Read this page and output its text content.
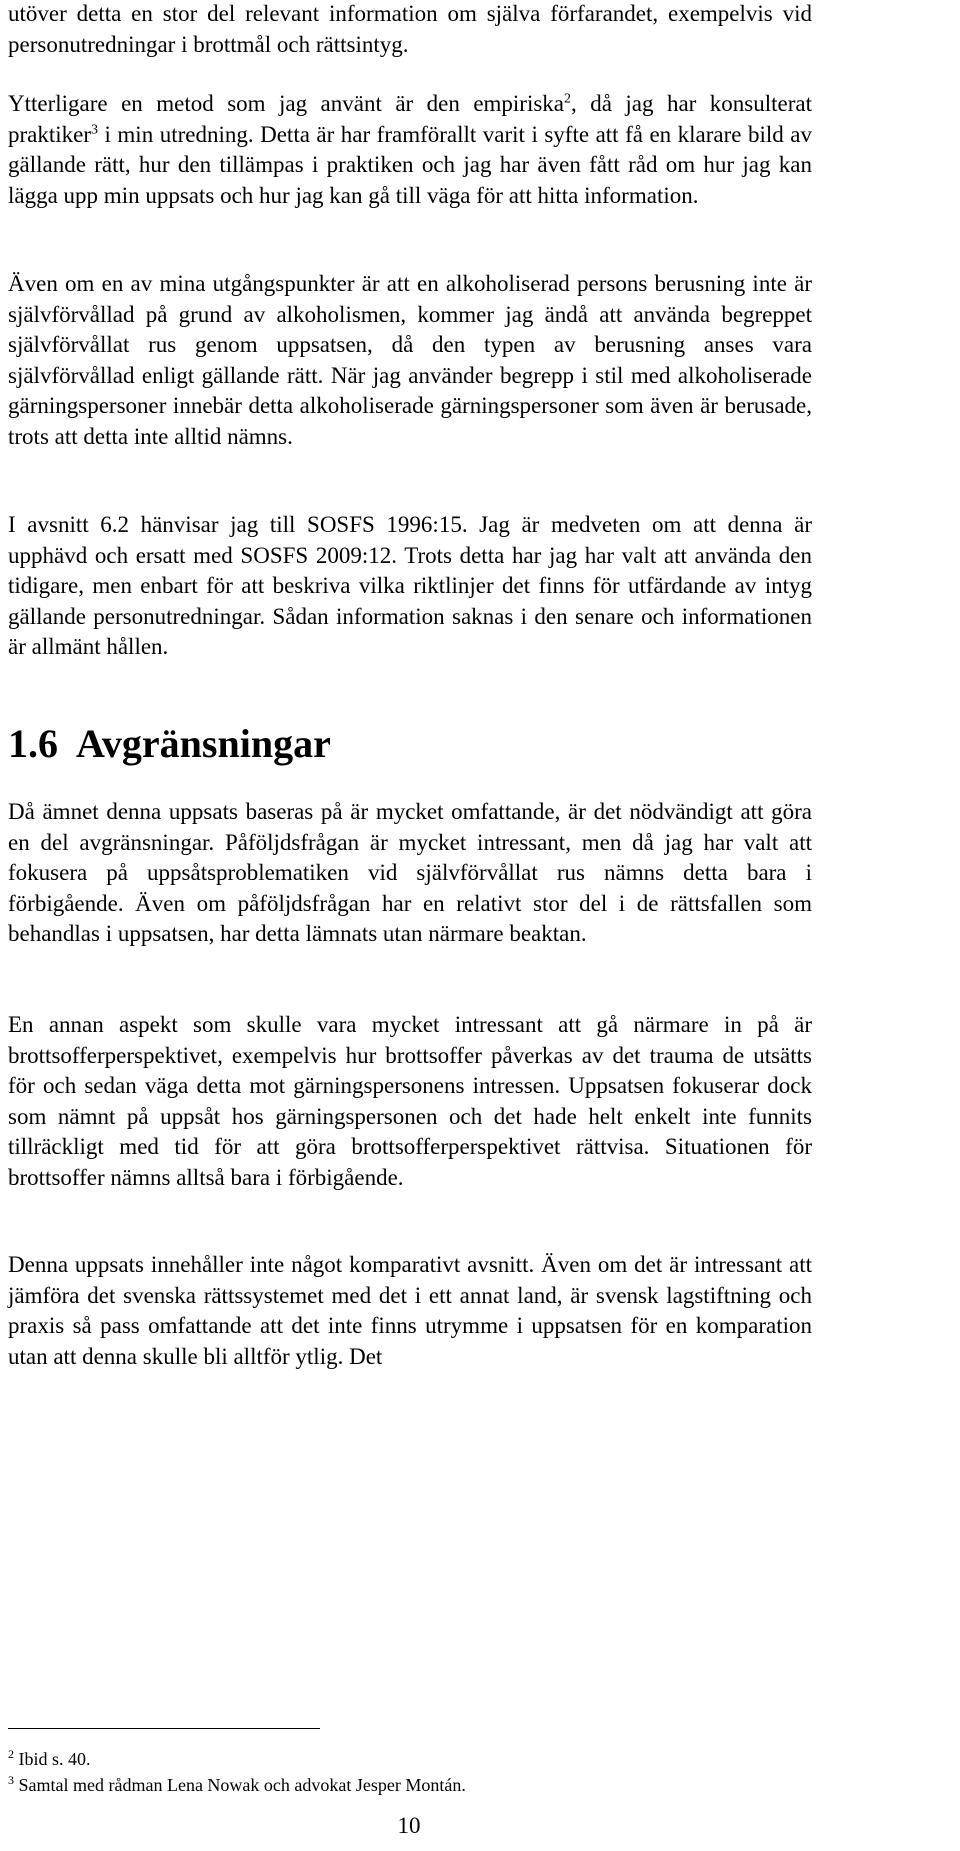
utöver detta en stor del relevant information om själva förfarandet, exempelvis vid personutredningar i brottmål och rättsintyg.

Ytterligare en metod som jag använt är den empiriska$^2$, då jag har konsulterat praktiker$^3$ i min utredning. Detta är har framförallt varit i syfte att få en klarare bild av gällande rätt, hur den tillämpas i praktiken och jag har även fått råd om hur jag kan lägga upp min uppsats och hur jag kan gå till väga för att hitta information.

Även om en av mina utgångspunkter är att en alkoholiserad persons berusning inte är självförvållad på grund av alkoholismen, kommer jag ändå att använda begreppet självförvållat rus genom uppsatsen, då den typen av berusning anses vara självförvållad enligt gällande rätt. När jag använder begrepp i stil med alkoholiserade gärningspersoner innebär detta alkoholiserade gärningspersoner som även är berusade, trots att detta inte alltid nämns.

I avsnitt 6.2 hänvisar jag till SOSFS 1996:15. Jag är medveten om att denna är upphävd och ersatt med SOSFS 2009:12. Trots detta har jag har valt att använda den tidigare, men enbart för att beskriva vilka riktlinjer det finns för utfärdande av intyg gällande personutredningar. Sådan information saknas i den senare och informationen är allmänt hållen.

1.6 Avgränsningar

Då ämnet denna uppsats baseras på är mycket omfattande, är det nödvändigt att göra en del avgränsningar. Påföljdsfrågan är mycket intressant, men då jag har valt att fokusera på uppsåtsproblematiken vid självförvållat rus nämns detta bara i förbigående. Även om påföljdsfrågan har en relativt stor del i de rättsfallen som behandlas i uppsatsen, har detta lämnats utan närmare beaktan.

En annan aspekt som skulle vara mycket intressant att gå närmare in på är brottsofferperspektivet, exempelvis hur brottsoffer påverkas av det trauma de utsätts för och sedan väga detta mot gärningspersonens intressen. Uppsatsen fokuserar dock som nämnt på uppsåt hos gärningspersonen och det hade helt enkelt inte funnits tillräckligt med tid för att göra brottsofferperspektivet rättvisa. Situationen för brottsoffer nämns alltså bara i förbigående.

Denna uppsats innehåller inte något komparativt avsnitt. Även om det är intressant att jämföra det svenska rättssystemet med det i ett annat land, är svensk lagstiftning och praxis så pass omfattande att det inte finns utrymme i uppsatsen för en komparation utan att denna skulle bli alltför ytlig. Det

$^2$ Ibid s. 40.
$^3$ Samtal med rådman Lena Nowak och advokat Jesper Montán.
10
